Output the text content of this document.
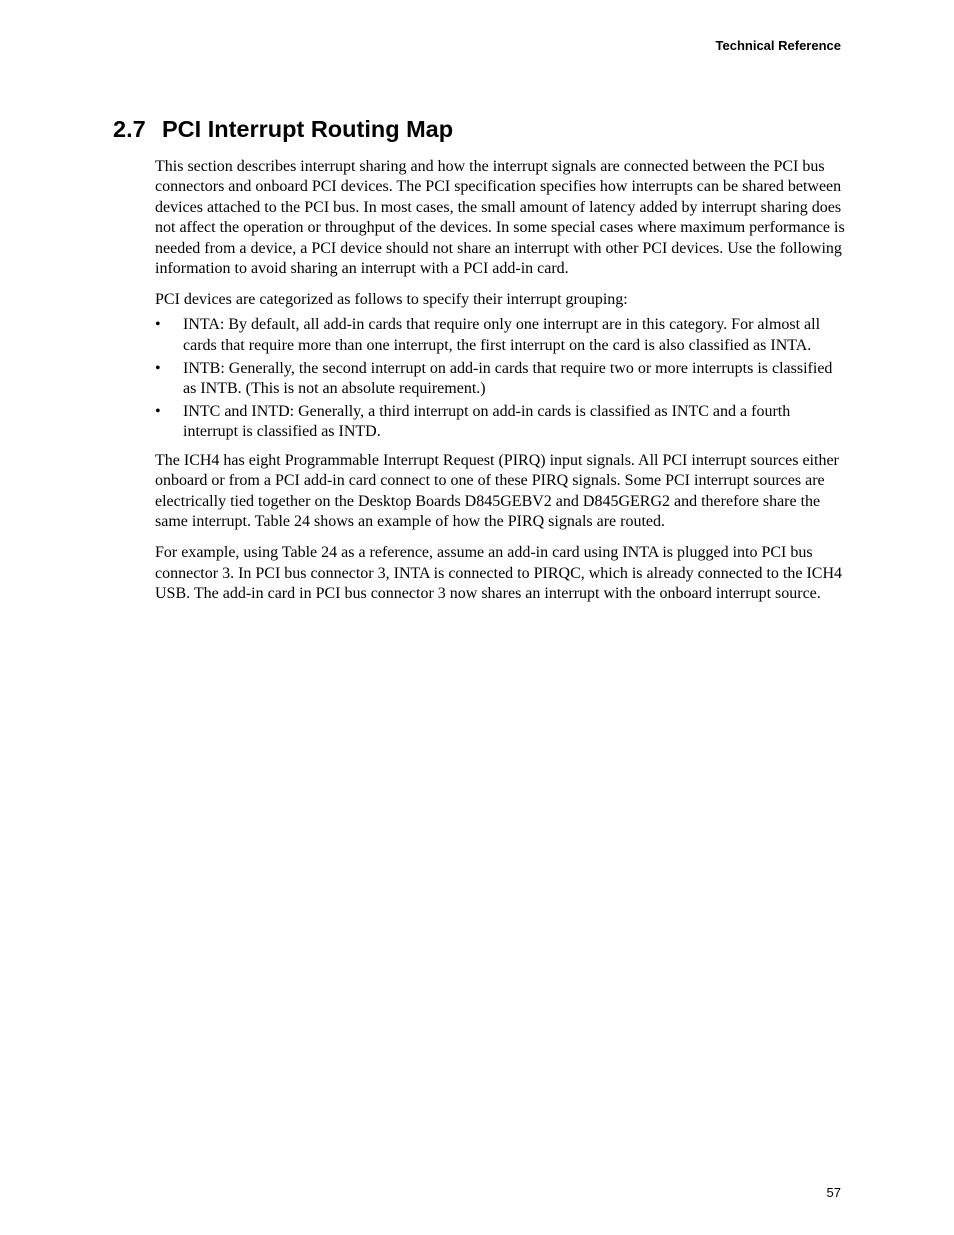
Technical Reference
2.7 PCI Interrupt Routing Map

This section describes interrupt sharing and how the interrupt signals are connected between the PCI bus connectors and onboard PCI devices. The PCI specification specifies how interrupts can be shared between devices attached to the PCI bus. In most cases, the small amount of latency added by interrupt sharing does not affect the operation or throughput of the devices. In some special cases where maximum performance is needed from a device, a PCI device should not share an interrupt with other PCI devices. Use the following information to avoid sharing an interrupt with a PCI add-in card.

PCI devices are categorized as follows to specify their interrupt grouping:

• INTA: By default, all add-in cards that require only one interrupt are in this category. For almost all cards that require more than one interrupt, the first interrupt on the card is also classified as INTA.
• INTB: Generally, the second interrupt on add-in cards that require two or more interrupts is classified as INTB. (This is not an absolute requirement.)
• INTC and INTD: Generally, a third interrupt on add-in cards is classified as INTC and a fourth interrupt is classified as INTD.

The ICH4 has eight Programmable Interrupt Request (PIRQ) input signals. All PCI interrupt sources either onboard or from a PCI add-in card connect to one of these PIRQ signals. Some PCI interrupt sources are electrically tied together on the Desktop Boards D845GEBV2 and D845GERG2 and therefore share the same interrupt. Table 24 shows an example of how the PIRQ signals are routed.

For example, using Table 24 as a reference, assume an add-in card using INTA is plugged into PCI bus connector 3. In PCI bus connector 3, INTA is connected to PIRQC, which is already connected to the ICH4 USB. The add-in card in PCI bus connector 3 now shares an interrupt with the onboard interrupt source.

57
